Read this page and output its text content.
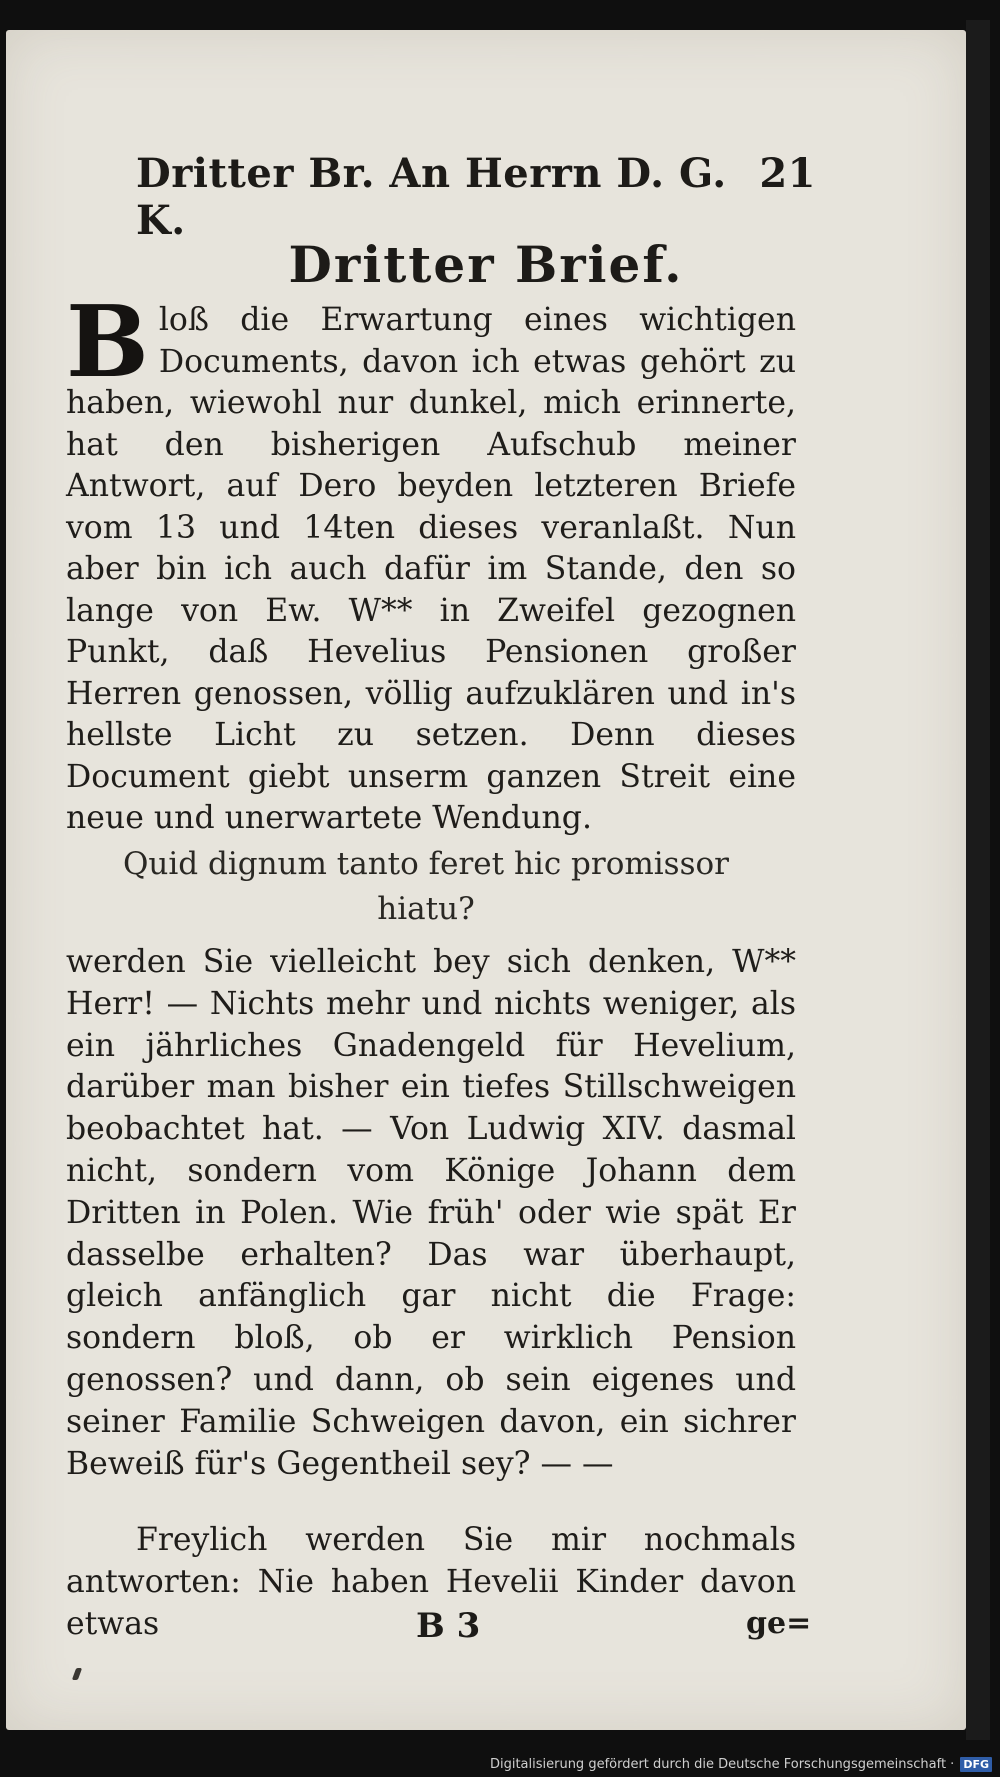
Dritter Br. An Herrn D. G. K.
21
Dritter Brief.
B loß die Erwartung eines wichtigen Documents, davon ich etwas gehört zu haben, wiewohl nur dunkel, mich erinnerte, hat den bisherigen Aufschub meiner Antwort, auf Dero beyden letzteren Briefe vom 13 und 14ten dieses veranlaßt. Nun aber bin ich auch dafür im Stande, den so lange von Ew. W** in Zweifel gezognen Punkt, daß Hevelius Pensionen großer Herren genossen, völlig aufzuklären und in's hellste Licht zu setzen. Denn dieses Document giebt unserm ganzen Streit eine neue und unerwartete Wendung.
Quid dignum tanto feret hic promissor
hiatu?
werden Sie vielleicht bey sich denken, W** Herr! — Nichts mehr und nichts weniger, als ein jährliches Gnadengeld für Hevelium, darüber man bisher ein tiefes Stillschweigen beobachtet hat. — Von Ludwig XIV. dasmal nicht, sondern vom Könige Johann dem Dritten in Polen. Wie früh' oder wie spät Er dasselbe erhalten? Das war überhaupt, gleich anfänglich gar nicht die Frage: sondern bloß, ob er wirklich Pension genossen? und dann, ob sein eigenes und seiner Familie Schweigen davon, ein sichrer Beweiß für's Gegentheil sey? — —
Freylich werden Sie mir nochmals antworten: Nie haben Hevelii Kinder davon etwas	B 3	ge=
Digitalisierung gefördert durch die Deutsche Forschungsgemeinschaft · DFG
